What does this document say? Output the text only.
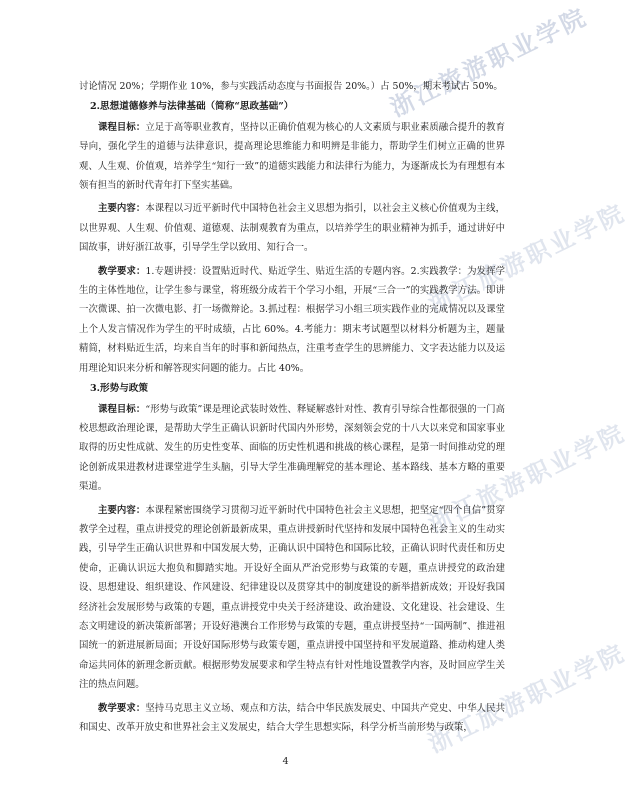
浙江旅游职业学院
浙江旅游职业学院
浙江旅游职业学院
浙江旅游职业学院

讨论情况 20%；学期作业 10%，参与实践活动态度与书面报告 20%。）占 50%，期末考试占 50%。

2.思想道德修养与法律基础（简称“思政基础”）

课程目标：立足于高等职业教育，坚持以正确价值观为核心的人文素质与职业素质融合提升的教育导向，强化学生的道德与法律意识，提高理论思维能力和明辨是非能力，帮助学生们树立正确的世界观、人生观、价值观，培养学生“知行一致”的道德实践能力和法律行为能力，为逐渐成长为有理想有本领有担当的新时代青年打下坚实基础。

主要内容：本课程以习近平新时代中国特色社会主义思想为指引，以社会主义核心价值观为主线，以世界观、人生观、价值观、道德观、法制观教育为重点，以培养学生的职业精神为抓手，通过讲好中国故事，讲好浙江故事，引导学生学以致用、知行合一。

教学要求：1.专题讲授：设置贴近时代、贴近学生、贴近生活的专题内容。2.实践教学：为发挥学生的主体性地位，让学生参与课堂，将班级分成若干个学习小组，开展“三合一”的实践教学方法。即讲一次微课、拍一次微电影、打一场微辩论。3.抓过程：根据学习小组三项实践作业的完成情况以及课堂上个人发言情况作为学生的平时成绩，占比 60%。4.考能力：期末考试题型以材料分析题为主，题量精简，材料贴近生活，均来自当年的时事和新闻热点，注重考查学生的思辨能力、文字表达能力以及运用理论知识来分析和解答现实问题的能力。占比 40%。

3.形势与政策

课程目标：“形势与政策”课是理论武装时效性、释疑解惑针对性、教育引导综合性都很强的一门高校思想政治理论课，是帮助大学生正确认识新时代国内外形势，深刻领会党的十八大以来党和国家事业取得的历史性成就、发生的历史性变革、面临的历史性机遇和挑战的核心课程，是第一时间推动党的理论创新成果进教材进课堂进学生头脑，引导大学生准确理解党的基本理论、基本路线、基本方略的重要渠道。

主要内容：本课程紧密围绕学习贯彻习近平新时代中国特色社会主义思想，把坚定“四个自信”贯穿教学全过程，重点讲授党的理论创新最新成果，重点讲授新时代坚持和发展中国特色社会主义的生动实践，引导学生正确认识世界和中国发展大势，正确认识中国特色和国际比较，正确认识时代责任和历史使命，正确认识远大抱负和脚踏实地。开设好全面从严治党形势与政策的专题，重点讲授党的政治建设、思想建设、组织建设、作风建设、纪律建设以及贯穿其中的制度建设的新举措新成效；开设好我国经济社会发展形势与政策的专题，重点讲授党中央关于经济建设、政治建设、文化建设、社会建设、生态文明建设的新决策新部署；开设好港澳台工作形势与政策的专题，重点讲授坚持“一国两制”、推进祖国统一的新进展新局面；开设好国际形势与政策专题，重点讲授中国坚持和平发展道路、推动构建人类命运共同体的新理念新贡献。根据形势发展要求和学生特点有针对性地设置教学内容，及时回应学生关注的热点问题。

教学要求：坚持马克思主义立场、观点和方法，结合中华民族发展史、中国共产党史、中华人民共和国史、改革开放史和世界社会主义发展史，结合大学生思想实际，科学分析当前形势与政策，

4
